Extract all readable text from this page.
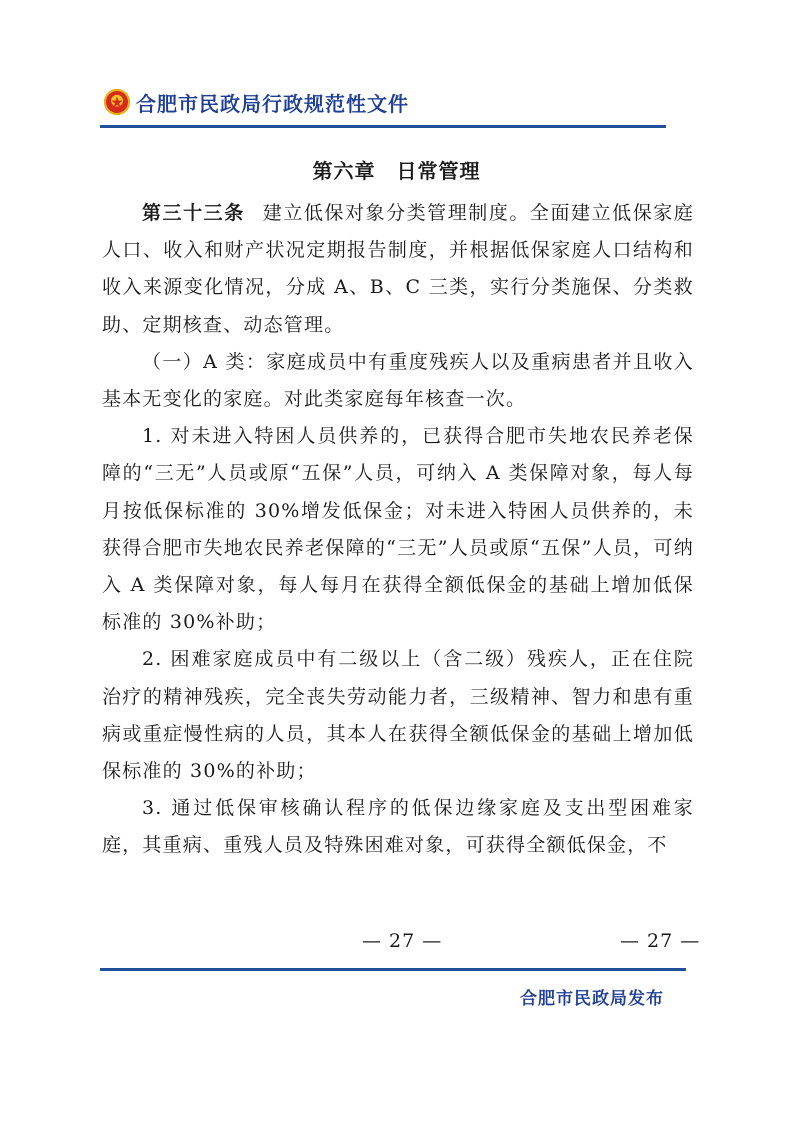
合肥市民政局行政规范性文件
第六章　日常管理

第三十三条 建立低保对象分类管理制度。全面建立低保家庭人口、收入和财产状况定期报告制度，并根据低保家庭人口结构和收入来源变化情况，分成 A、B、C 三类，实行分类施保、分类救助、定期核查、动态管理。

（一）A 类：家庭成员中有重度残疾人以及重病患者并且收入基本无变化的家庭。对此类家庭每年核查一次。

1. 对未进入特困人员供养的，已获得合肥市失地农民养老保障的“三无”人员或原“五保”人员，可纳入 A 类保障对象，每人每月按低保标准的 30%增发低保金；对未进入特困人员供养的，未获得合肥市失地农民养老保障的“三无”人员或原“五保”人员，可纳入 A 类保障对象，每人每月在获得全额低保金的基础上增加低保标准的 30%补助；

2. 困难家庭成员中有二级以上（含二级）残疾人，正在住院治疗的精神残疾，完全丧失劳动能力者，三级精神、智力和患有重病或重症慢性病的人员，其本人在获得全额低保金的基础上增加低保标准的 30%的补助；

3. 通过低保审核确认程序的低保边缘家庭及支出型困难家庭，其重病、重残人员及特殊困难对象，可获得全额低保金，不

— 27 —	— 27 —
合肥市民政局发布
